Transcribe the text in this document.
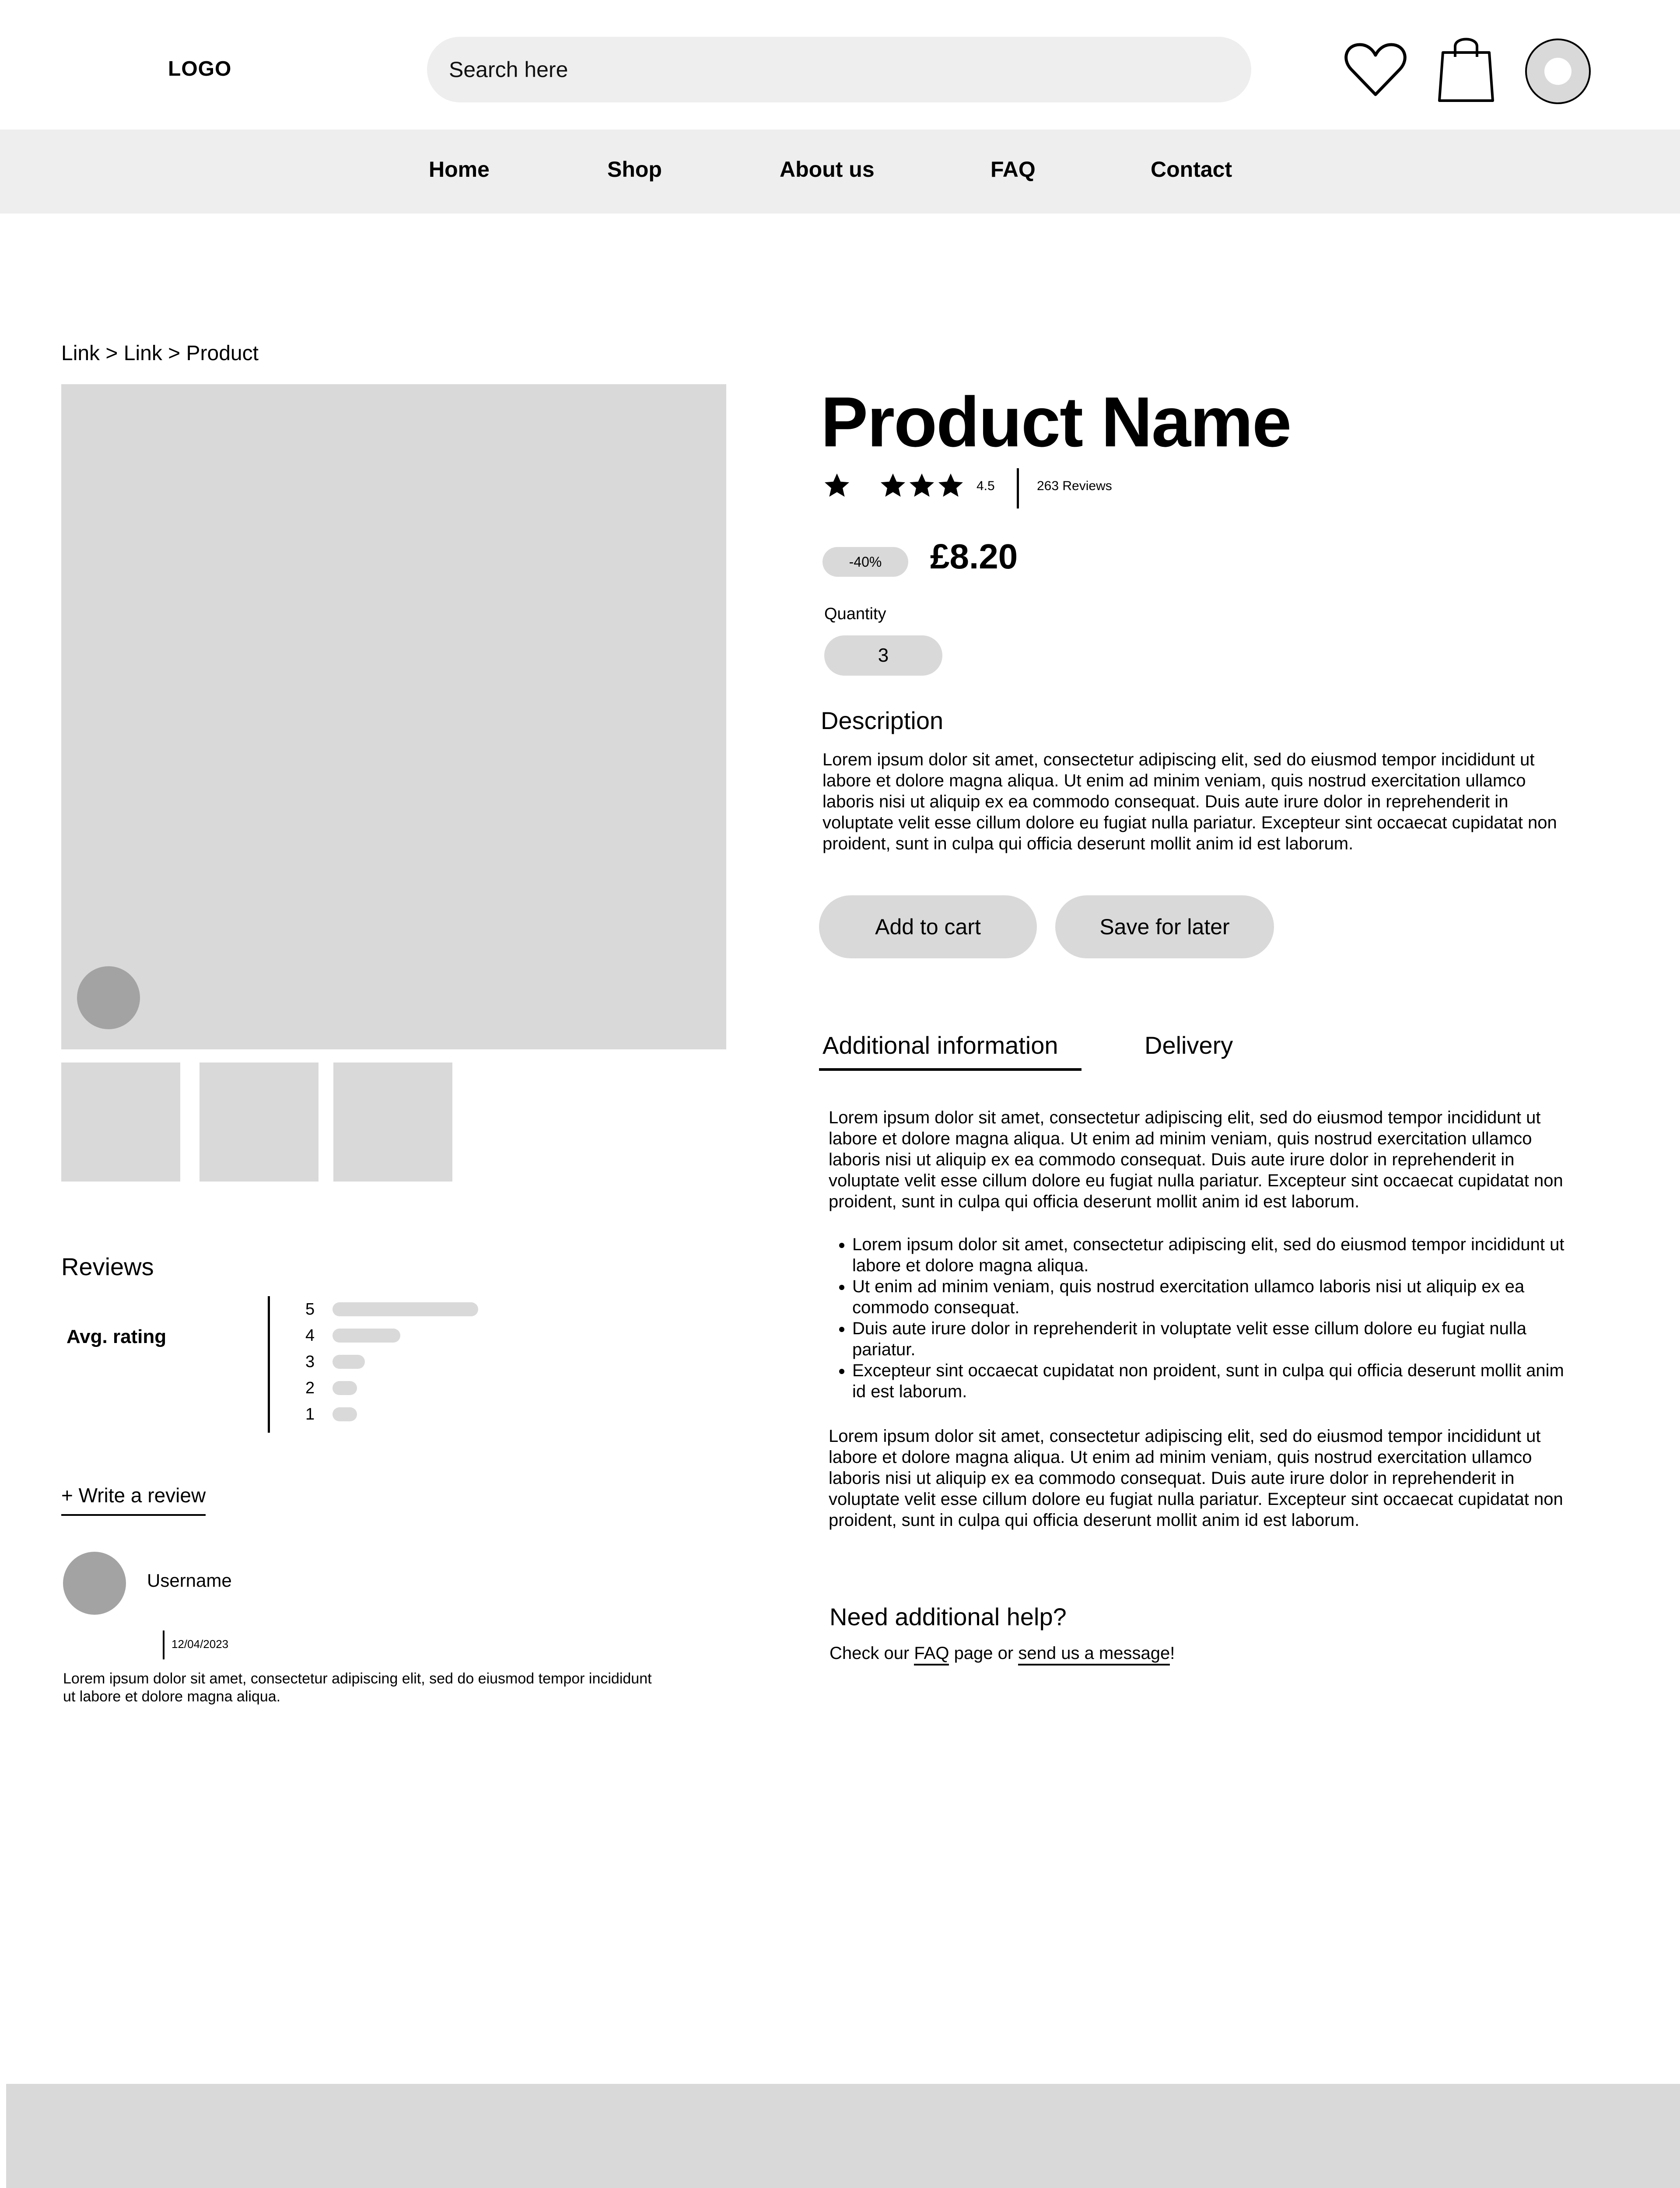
LOGO
Search here
Home	Shop	About us	FAQ	Contact
Link > Link > Product
Reviews
Avg. rating
5
4
3
2
1
+ Write a review
Username
12/04/2023
Lorem ipsum dolor sit amet, consectetur adipiscing elit, sed do eiusmod tempor incididunt ut labore et dolore magna aliqua.
Product Name
4.5	263 Reviews
-40%	£8.20
Quantity
3
Description
Lorem ipsum dolor sit amet, consectetur adipiscing elit, sed do eiusmod tempor incididunt ut labore et dolore magna aliqua. Ut enim ad minim veniam, quis nostrud exercitation ullamco laboris nisi ut aliquip ex ea commodo consequat. Duis aute irure dolor in reprehenderit in voluptate velit esse cillum dolore eu fugiat nulla pariatur. Excepteur sint occaecat cupidatat non proident, sunt in culpa qui officia deserunt mollit anim id est laborum.
Add to cart	Save for later
Additional information	Delivery
Lorem ipsum dolor sit amet, consectetur adipiscing elit, sed do eiusmod tempor incididunt ut labore et dolore magna aliqua. Ut enim ad minim veniam, quis nostrud exercitation ullamco laboris nisi ut aliquip ex ea commodo consequat. Duis aute irure dolor in reprehenderit in voluptate velit esse cillum dolore eu fugiat nulla pariatur. Excepteur sint occaecat cupidatat non proident, sunt in culpa qui officia deserunt mollit anim id est laborum.
• Lorem ipsum dolor sit amet, consectetur adipiscing elit, sed do eiusmod tempor incididunt ut labore et dolore magna aliqua.
• Ut enim ad minim veniam, quis nostrud exercitation ullamco laboris nisi ut aliquip ex ea commodo consequat.
• Duis aute irure dolor in reprehenderit in voluptate velit esse cillum dolore eu fugiat nulla pariatur.
• Excepteur sint occaecat cupidatat non proident, sunt in culpa qui officia deserunt mollit anim id est laborum.
Lorem ipsum dolor sit amet, consectetur adipiscing elit, sed do eiusmod tempor incididunt ut labore et dolore magna aliqua. Ut enim ad minim veniam, quis nostrud exercitation ullamco laboris nisi ut aliquip ex ea commodo consequat. Duis aute irure dolor in reprehenderit in voluptate velit esse cillum dolore eu fugiat nulla pariatur. Excepteur sint occaecat cupidatat non proident, sunt in culpa qui officia deserunt mollit anim id est laborum.
Need additional help?
Check our FAQ page or send us a message!
